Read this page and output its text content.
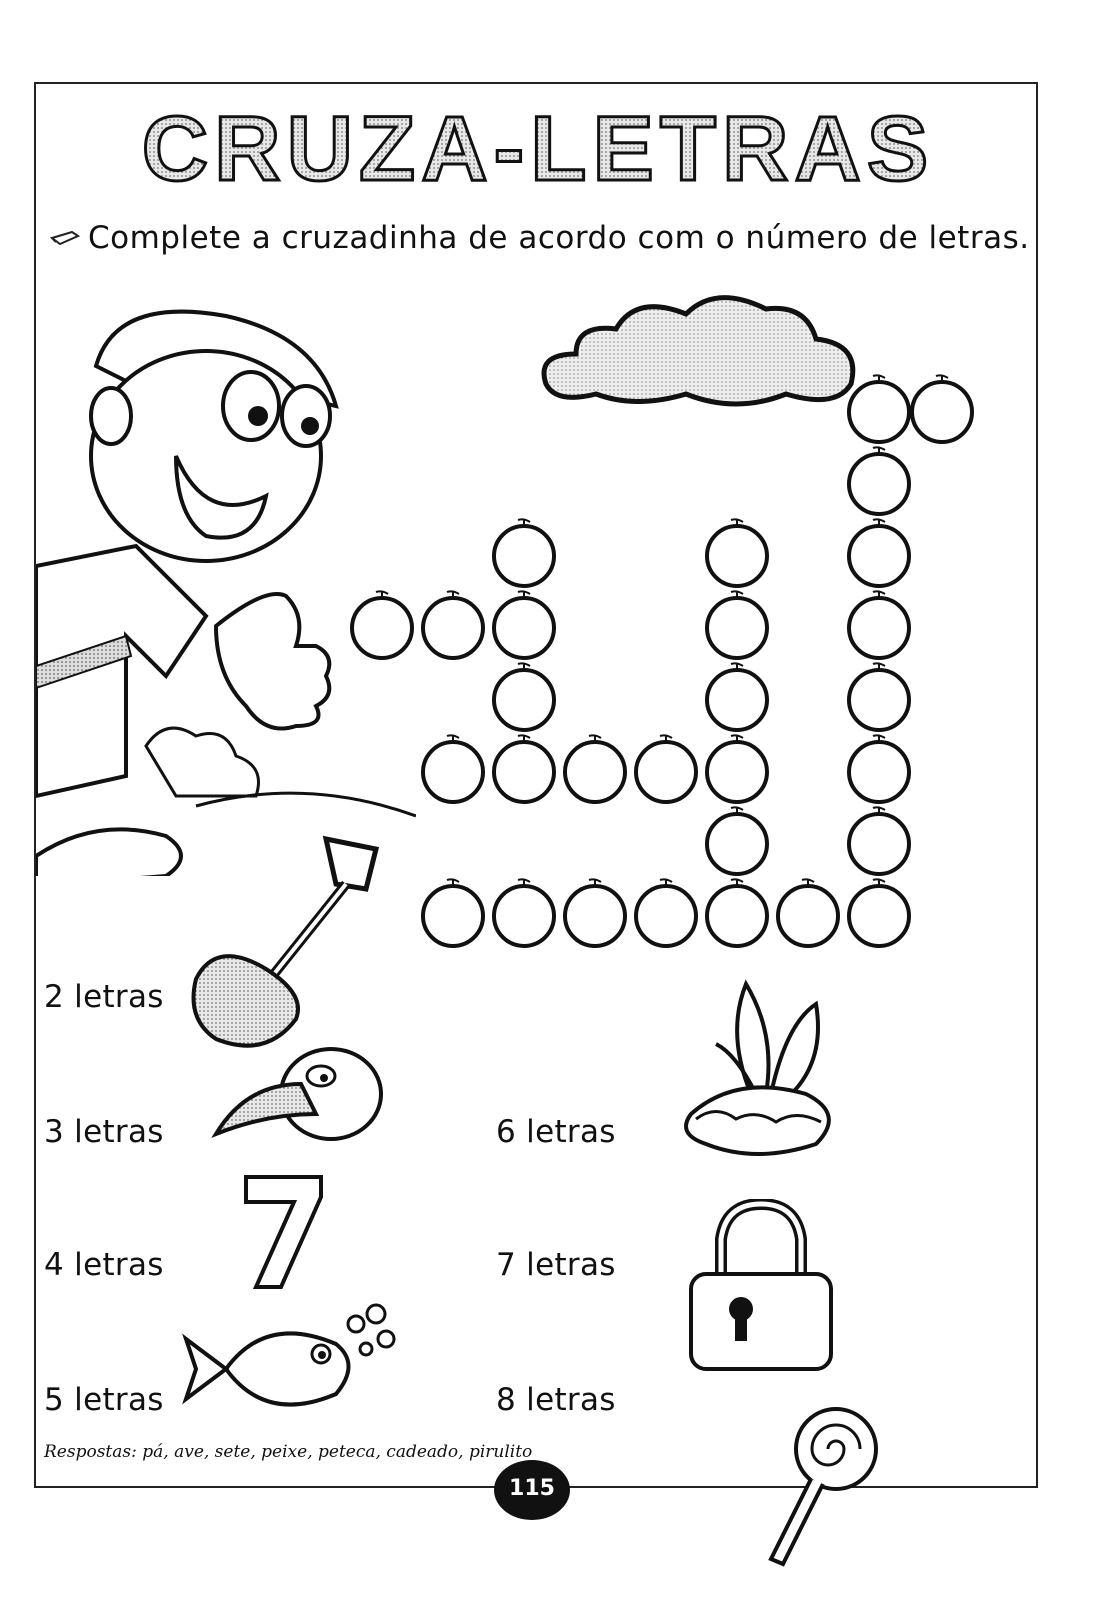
CRUZA-LETRAS
Complete a cruzadinha de acordo com o número de letras.
2 letras
3 letras
4 letras
5 letras
6 letras
7 letras
8 letras
Respostas: pá, ave, sete, peixe, peteca, cadeado, pirulito
115
